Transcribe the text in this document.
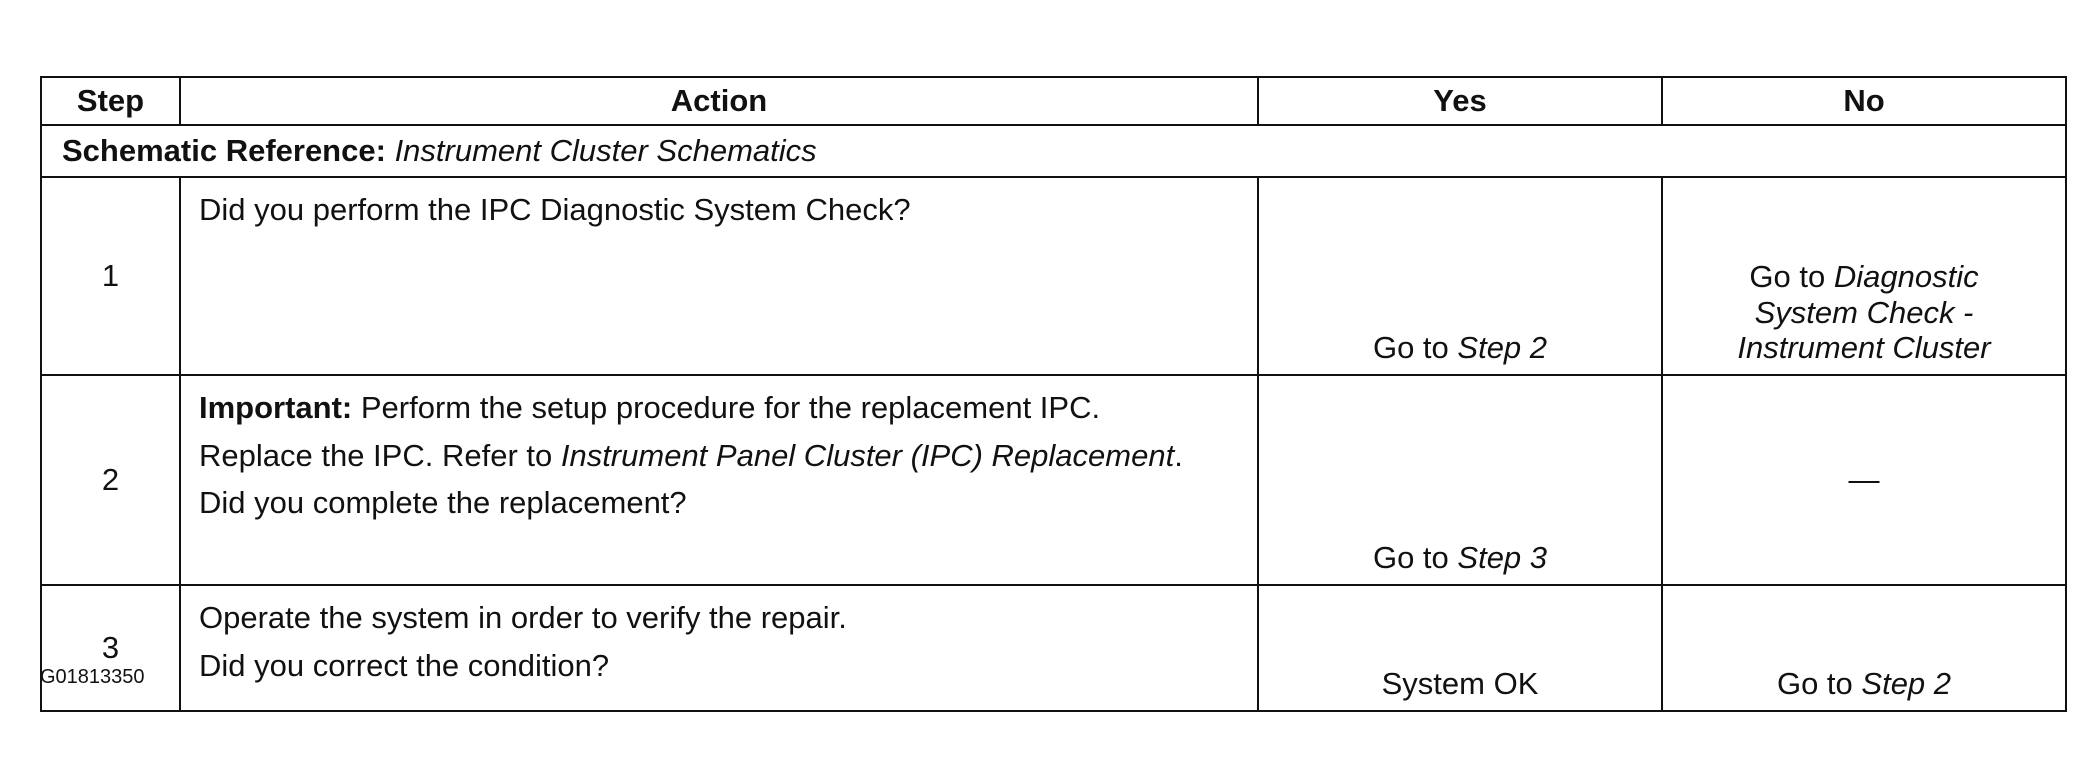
Step	Action	Yes	No
Schematic Reference: Instrument Cluster Schematics			
1	Did you perform the IPC Diagnostic System Check?	Go to Step 2	Go to Diagnostic
System Check -
Instrument Cluster
2	Important: Perform the setup procedure for the replacement IPC.

Replace the IPC. Refer to Instrument Panel Cluster (IPC) Replacement.

Did you complete the replacement?	Go to Step 3	—
3	Operate the system in order to verify the repair.

Did you correct the condition?	System OK	Go to Step 2
G01813350
